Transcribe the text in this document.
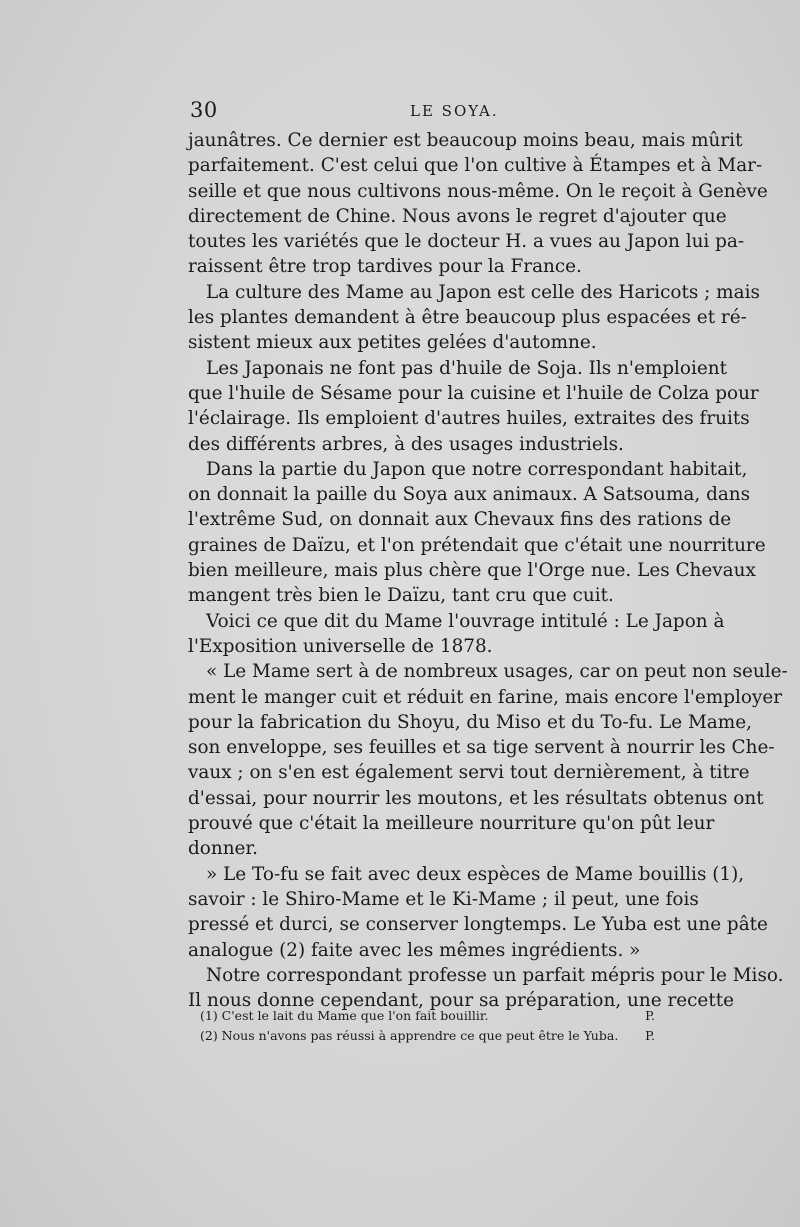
30	LE SOYA.
jaunâtres. Ce dernier est beaucoup moins beau, mais mûrit
parfaitement. C'est celui que l'on cultive à Étampes et à Mar-
seille et que nous cultivons nous-même. On le reçoit à Genève
directement de Chine. Nous avons le regret d'ajouter que
toutes les variétés que le docteur H. a vues au Japon lui pa-
raissent être trop tardives pour la France.
La culture des Mame au Japon est celle des Haricots ; mais
les plantes demandent à être beaucoup plus espacées et ré-
sistent mieux aux petites gelées d'automne.
Les Japonais ne font pas d'huile de Soja. Ils n'emploient
que l'huile de Sésame pour la cuisine et l'huile de Colza pour
l'éclairage. Ils emploient d'autres huiles, extraites des fruits
des différents arbres, à des usages industriels.
Dans la partie du Japon que notre correspondant habitait,
on donnait la paille du Soya aux animaux. A Satsouma, dans
l'extrême Sud, on donnait aux Chevaux fins des rations de
graines de Daïzu, et l'on prétendait que c'était une nourriture
bien meilleure, mais plus chère que l'Orge nue. Les Chevaux
mangent très bien le Daïzu, tant cru que cuit.
Voici ce que dit du Mame l'ouvrage intitulé : Le Japon à
l'Exposition universelle de 1878.
« Le Mame sert à de nombreux usages, car on peut non seule-
ment le manger cuit et réduit en farine, mais encore l'employer
pour la fabrication du Shoyu, du Miso et du To-fu. Le Mame,
son enveloppe, ses feuilles et sa tige servent à nourrir les Che-
vaux ; on s'en est également servi tout dernièrement, à titre
d'essai, pour nourrir les moutons, et les résultats obtenus ont
prouvé que c'était la meilleure nourriture qu'on pût leur
donner.
» Le To-fu se fait avec deux espèces de Mame bouillis (1),
savoir : le Shiro-Mame et le Ki-Mame ; il peut, une fois
pressé et durci, se conserver longtemps. Le Yuba est une pâte
analogue (2) faite avec les mêmes ingrédients. »
Notre correspondant professe un parfait mépris pour le Miso.
Il nous donne cependant, pour sa préparation, une recette
(1) C'est le lait du Mame que l'on fait bouillir.	P.
(2) Nous n'avons pas réussi à apprendre ce que peut être le Yuba. P.
